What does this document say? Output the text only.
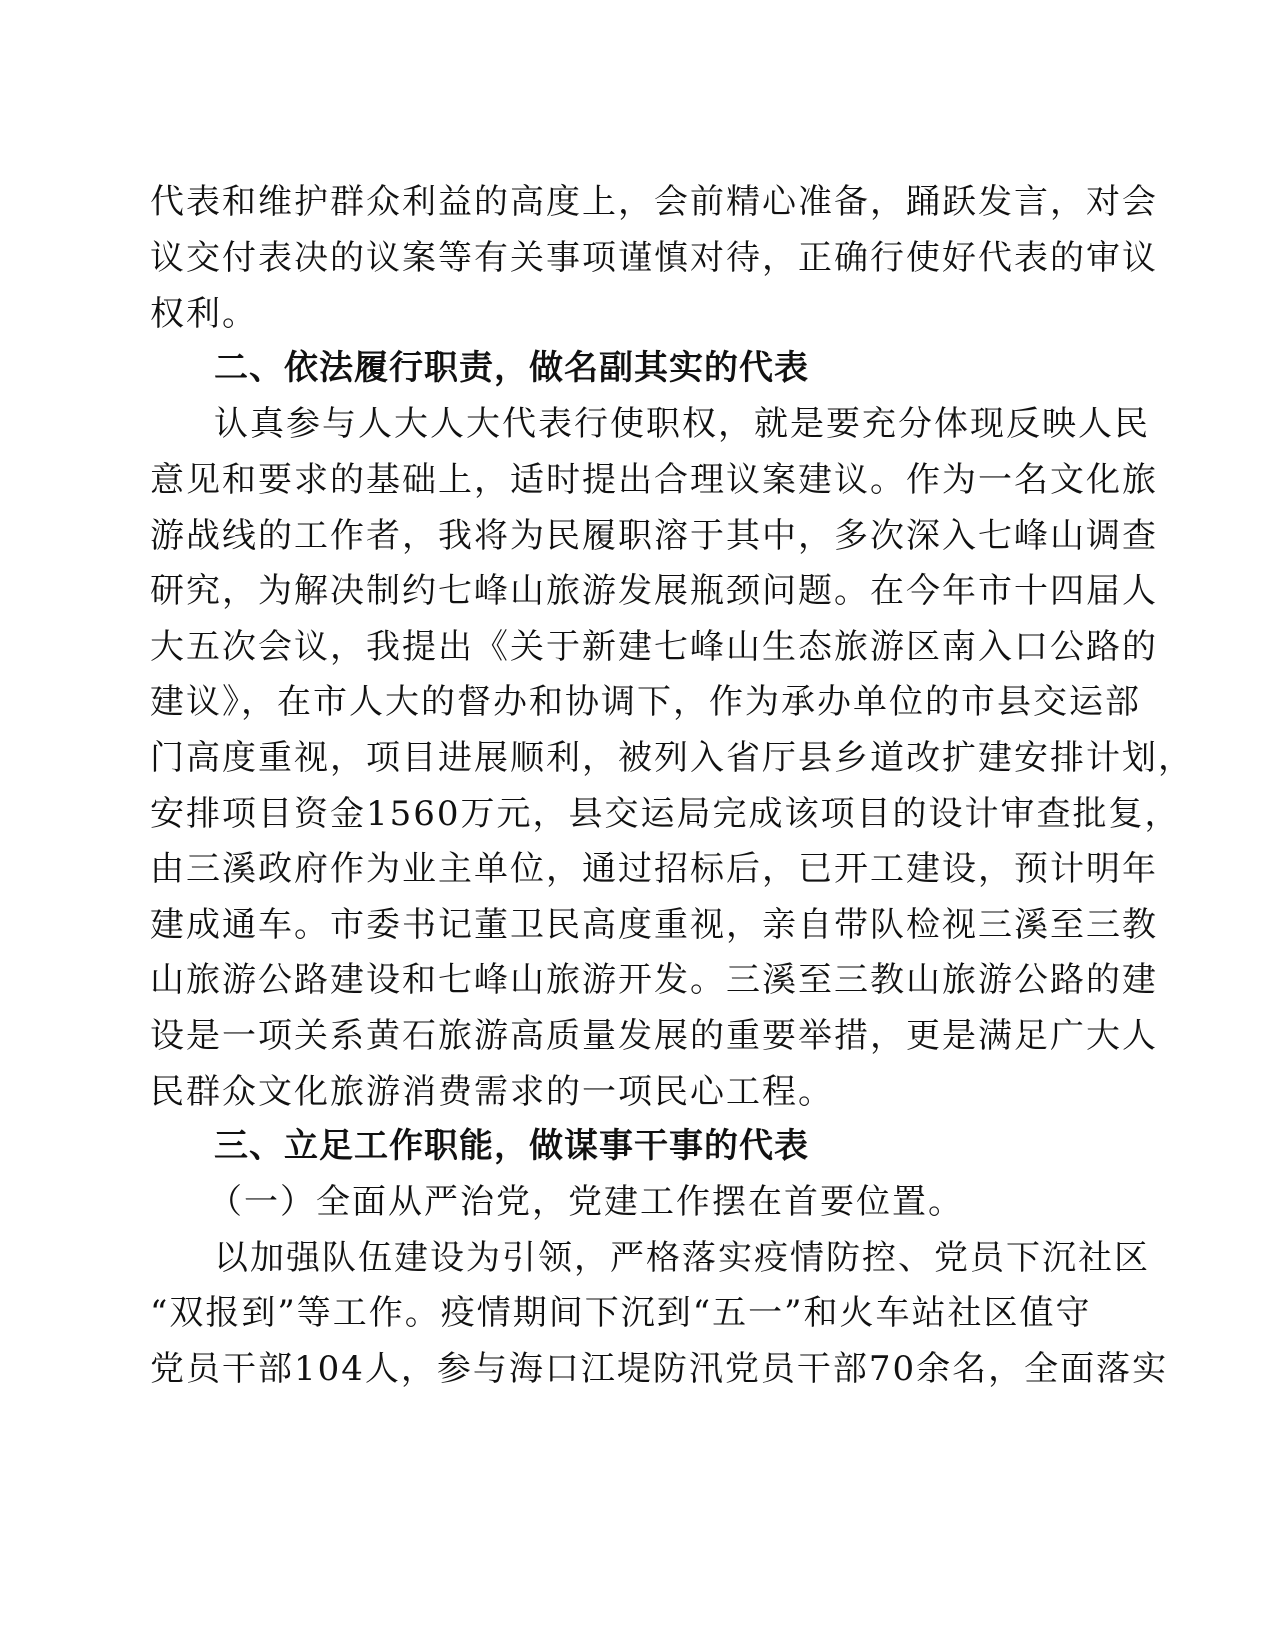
代表和维护群众利益的高度上，会前精心准备，踊跃发言，对会
议交付表决的议案等有关事项谨慎对待，正确行使好代表的审议
权利。
二、依法履行职责，做名副其实的代表
认真参与人大人大代表行使职权，就是要充分体现反映人民
意见和要求的基础上，适时提出合理议案建议。作为一名文化旅
游战线的工作者，我将为民履职溶于其中，多次深入七峰山调查
研究，为解决制约七峰山旅游发展瓶颈问题。在今年市十四届人
大五次会议，我提出《关于新建七峰山生态旅游区南入口公路的
建议》，在市人大的督办和协调下，作为承办单位的市县交运部
门高度重视，项目进展顺利，被列入省厅县乡道改扩建安排计划，
安排项目资金1560万元，县交运局完成该项目的设计审查批复，
由三溪政府作为业主单位，通过招标后，已开工建设，预计明年
建成通车。市委书记董卫民高度重视，亲自带队检视三溪至三教
山旅游公路建设和七峰山旅游开发。三溪至三教山旅游公路的建
设是一项关系黄石旅游高质量发展的重要举措，更是满足广大人
民群众文化旅游消费需求的一项民心工程。
三、立足工作职能，做谋事干事的代表
（一）全面从严治党，党建工作摆在首要位置。
以加强队伍建设为引领，严格落实疫情防控、党员下沉社区
“双报到”等工作。疫情期间下沉到“五一”和火车站社区值守
党员干部104人，参与海口江堤防汛党员干部70余名，全面落实
